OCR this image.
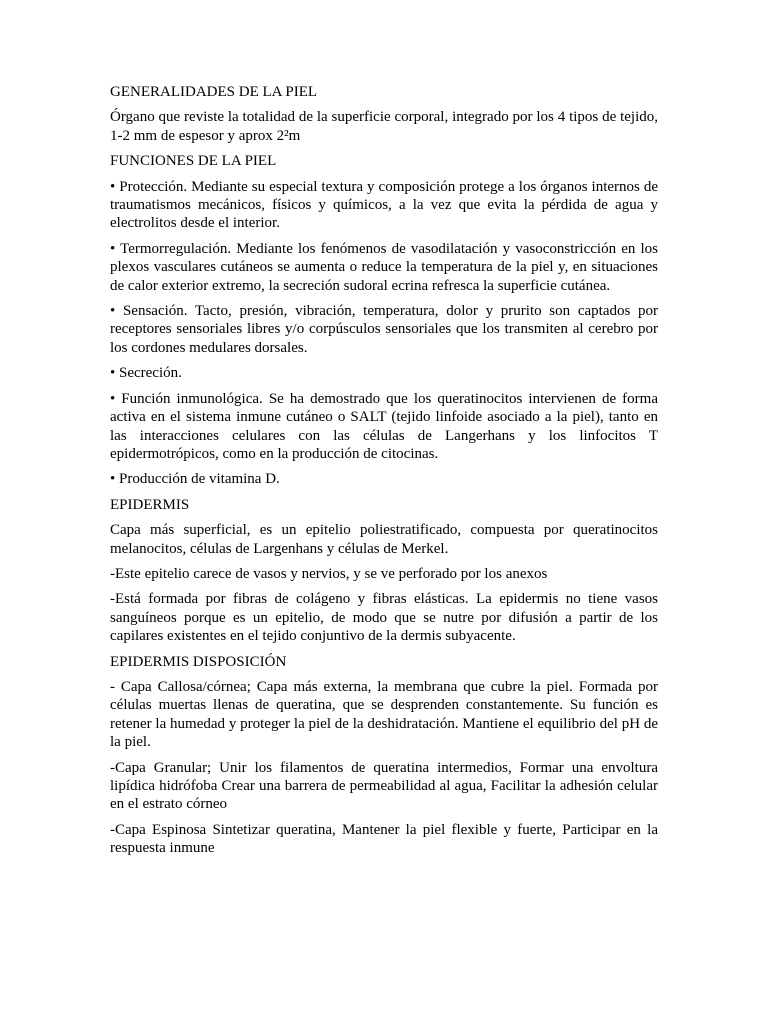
GENERALIDADES DE LA PIEL

Órgano que reviste la totalidad de la superficie corporal, integrado por los 4 tipos de tejido, 1-2 mm de espesor y aprox 2²m

FUNCIONES DE LA PIEL

• Protección. Mediante su especial textura y composición protege a los órganos internos de traumatismos mecánicos, físicos y químicos, a la vez que evita la pérdida de agua y electrolitos desde el interior.

• Termorregulación. Mediante los fenómenos de vasodilatación y vasoconstricción en los plexos vasculares cutáneos se aumenta o reduce la temperatura de la piel y, en situaciones de calor exterior extremo, la secreción sudoral ecrina refresca la superficie cutánea.

• Sensación. Tacto, presión, vibración, temperatura, dolor y prurito son captados por receptores sensoriales libres y/o corpúsculos sensoriales que los transmiten al cerebro por los cordones medulares dorsales.

• Secreción.

• Función inmunológica. Se ha demostrado que los queratinocitos intervienen de forma activa en el sistema inmune cutáneo o SALT (tejido linfoide asociado a la piel), tanto en las interacciones celulares con las células de Langerhans y los linfocitos T epidermotrópicos, como en la producción de citocinas.

• Producción de vitamina D.

EPIDERMIS

Capa más superficial, es un epitelio poliestratificado, compuesta por queratinocitos melanocitos, células de Largenhans y células de Merkel.

-Este epitelio carece de vasos y nervios, y se ve perforado por los anexos

-Está formada por fibras de colágeno y fibras elásticas. La epidermis no tiene vasos sanguíneos porque es un epitelio, de modo que se nutre por difusión a partir de los capilares existentes en el tejido conjuntivo de la dermis subyacente.

EPIDERMIS DISPOSICIÓN

- Capa Callosa/córnea; Capa más externa, la membrana que cubre la piel. Formada por células muertas llenas de queratina, que se desprenden constantemente. Su función es retener la humedad y proteger la piel de la deshidratación. Mantiene el equilibrio del pH de la piel.

-Capa Granular; Unir los filamentos de queratina intermedios, Formar una envoltura lipídica hidrófoba Crear una barrera de permeabilidad al agua, Facilitar la adhesión celular en el estrato córneo

-Capa Espinosa Sintetizar queratina, Mantener la piel flexible y fuerte, Participar en la respuesta inmune
